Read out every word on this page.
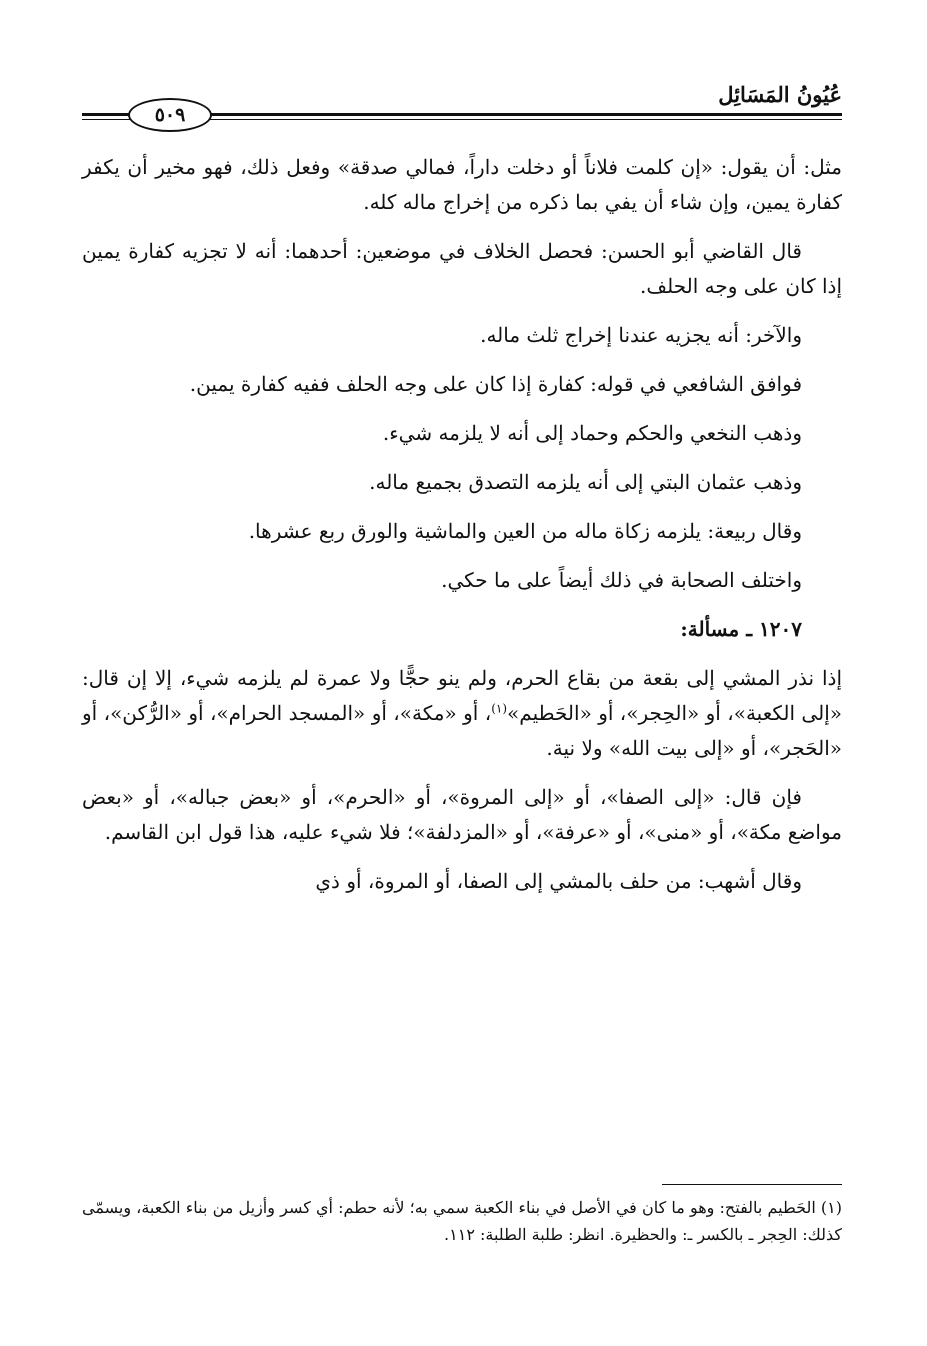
عُيُونُ المَسَائِل
٥٠٩

مثل: أن يقول: «إن كلمت فلاناً أو دخلت داراً، فمالي صدقة» وفعل ذلك، فهو مخير أن يكفر كفارة يمين، وإن شاء أن يفي بما ذكره من إخراج ماله كله.

قال القاضي أبو الحسن: فحصل الخلاف في موضعين: أحدهما: أنه لا تجزيه كفارة يمين إذا كان على وجه الحلف.

والآخر: أنه يجزيه عندنا إخراج ثلث ماله.

فوافق الشافعي في قوله: كفارة إذا كان على وجه الحلف ففيه كفارة يمين.

وذهب النخعي والحكم وحماد إلى أنه لا يلزمه شيء.

وذهب عثمان البتي إلى أنه يلزمه التصدق بجميع ماله.

وقال ربيعة: يلزمه زكاة ماله من العين والماشية والورق ربع عشرها.

واختلف الصحابة في ذلك أيضاً على ما حكي.

١٢٠٧ ـ مسألة:

إذا نذر المشي إلى بقعة من بقاع الحرم، ولم ينو حجًّا ولا عمرة لم يلزمه شيء، إلا إن قال: «إلى الكعبة»، أو «الحِجر»، أو «الحَطيم»$^{(١)}$، أو «مكة»، أو «المسجد الحرام»، أو «الرُّكن»، أو «الحَجر»، أو «إلى بيت الله» ولا نية.

فإن قال: «إلى الصفا»، أو «إلى المروة»، أو «الحرم»، أو «بعض جباله»، أو «بعض مواضع مكة»، أو «منى»، أو «عرفة»، أو «المزدلفة»؛ فلا شيء عليه، هذا قول ابن القاسم.

وقال أشهب: من حلف بالمشي إلى الصفا، أو المروة، أو ذي

(١) الحَطيم بالفتح: وهو ما كان في الأصل في بناء الكعبة سمي به؛ لأنه حطم: أي كسر وأزيل من بناء الكعبة، ويسمّى كذلك: الحِجر ـ بالكسر ـ: والحظيرة. انظر: طلبة الطلبة: ١١٢.
